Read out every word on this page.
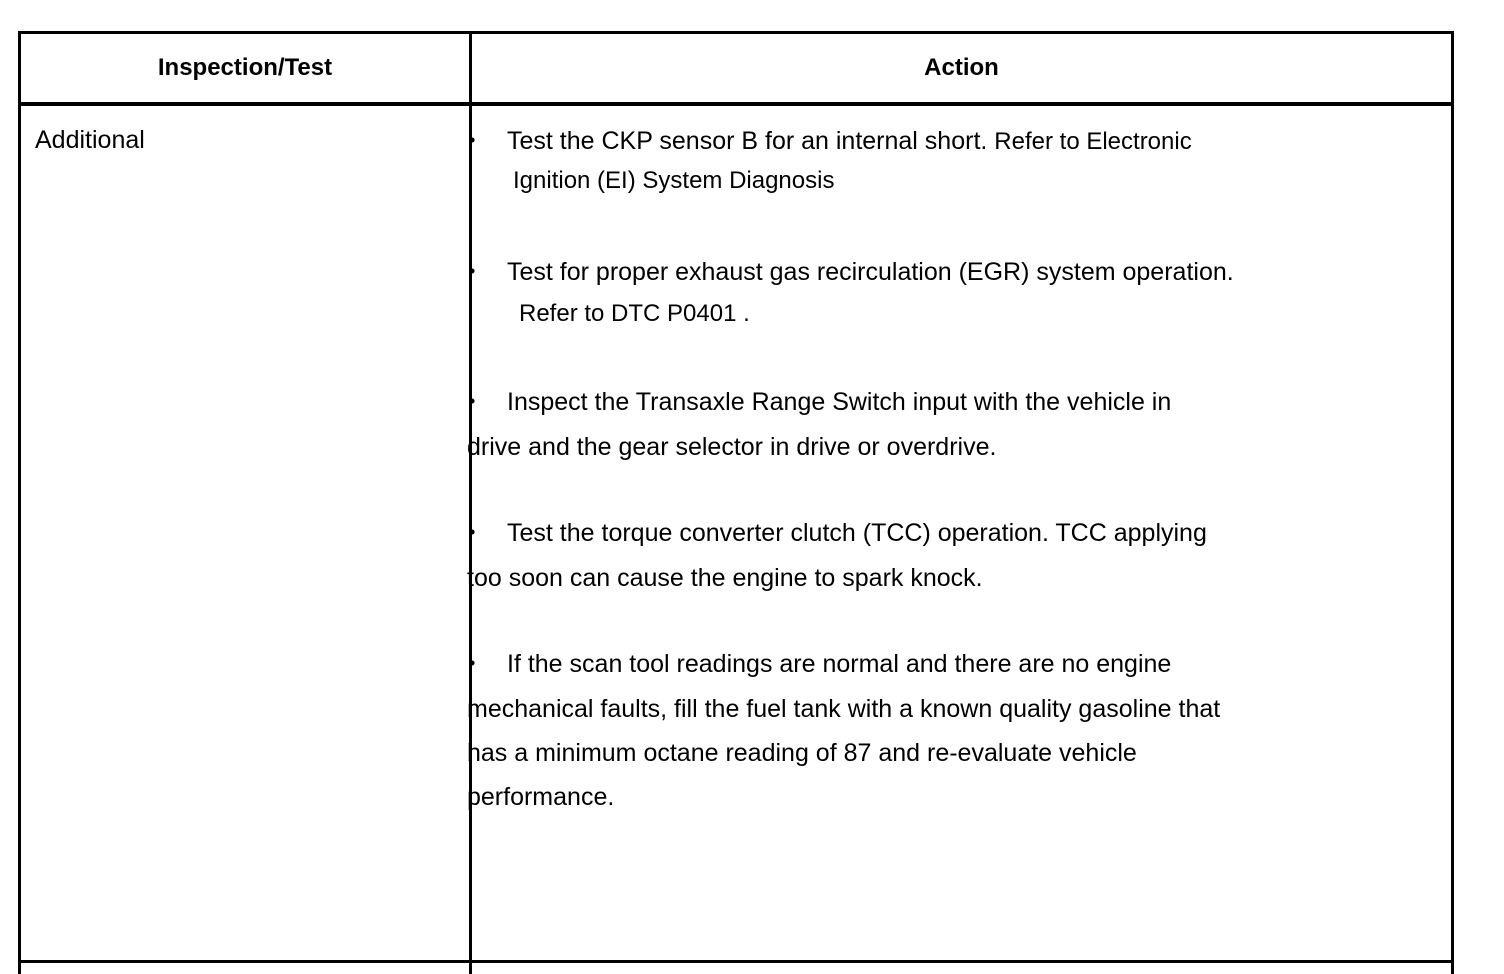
Inspection/Test	Action
Additional	• Test the CKP sensor B for an internal short. Refer to Electronic
Ignition (EI) System Diagnosis
• Test for proper exhaust gas recirculation (EGR) system operation.
Refer to DTC P0401 .
• Inspect the Transaxle Range Switch input with the vehicle in
drive and the gear selector in drive or overdrive.
• Test the torque converter clutch (TCC) operation. TCC applying
too soon can cause the engine to spark knock.
• If the scan tool readings are normal and there are no engine
mechanical faults, fill the fuel tank with a known quality gasoline that
has a minimum octane reading of 87 and re-evaluate vehicle
performance.
